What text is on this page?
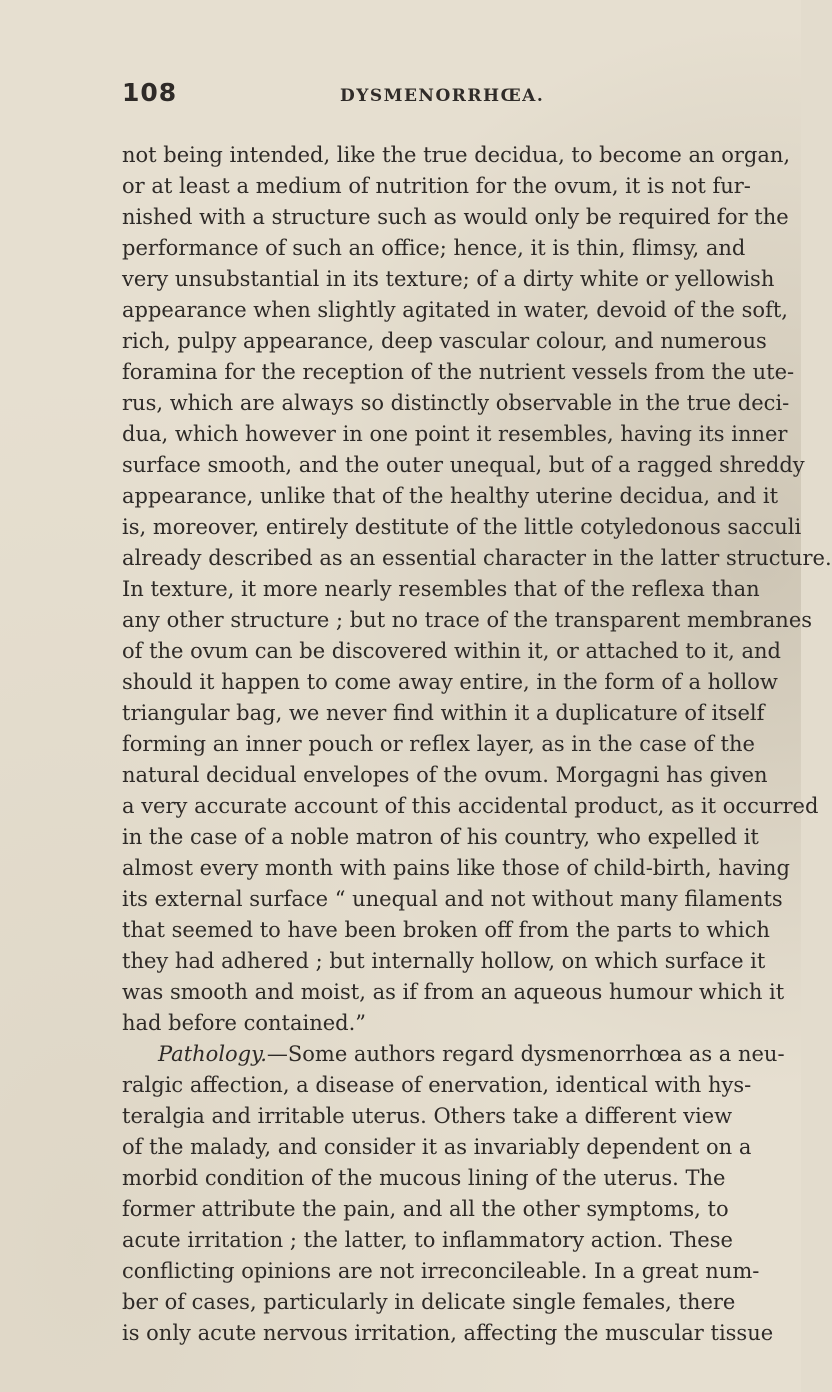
108	DYSMENORRHŒA.
not being intended, like the true decidua, to become an organ,
or at least a medium of nutrition for the ovum, it is not fur-
nished with a structure such as would only be required for the
performance of such an office; hence, it is thin, flimsy, and
very unsubstantial in its texture; of a dirty white or yellowish
appearance when slightly agitated in water, devoid of the soft,
rich, pulpy appearance, deep vascular colour, and numerous
foramina for the reception of the nutrient vessels from the ute-
rus, which are always so distinctly observable in the true deci-
dua, which however in one point it resembles, having its inner
surface smooth, and the outer unequal, but of a ragged shreddy
appearance, unlike that of the healthy uterine decidua, and it
is, moreover, entirely destitute of the little cotyledonous sacculi
already described as an essential character in the latter structure.
In texture, it more nearly resembles that of the reflexa than
any other structure ; but no trace of the transparent membranes
of the ovum can be discovered within it, or attached to it, and
should it happen to come away entire, in the form of a hollow
triangular bag, we never find within it a duplicature of itself
forming an inner pouch or reflex layer, as in the case of the
natural decidual envelopes of the ovum. Morgagni has given
a very accurate account of this accidental product, as it occurred
in the case of a noble matron of his country, who expelled it
almost every month with pains like those of child-birth, having
its external surface “ unequal and not without many filaments
that seemed to have been broken off from the parts to which
they had adhered ; but internally hollow, on which surface it
was smooth and moist, as if from an aqueous humour which it
had before contained.”
Pathology.—Some authors regard dysmenorrhœa as a neu-
ralgic affection, a disease of enervation, identical with hys-
teralgia and irritable uterus. Others take a different view
of the malady, and consider it as invariably dependent on a
morbid condition of the mucous lining of the uterus. The
former attribute the pain, and all the other symptoms, to
acute irritation ; the latter, to inflammatory action. These
conflicting opinions are not irreconcileable. In a great num-
ber of cases, particularly in delicate single females, there
is only acute nervous irritation, affecting the muscular tissue
